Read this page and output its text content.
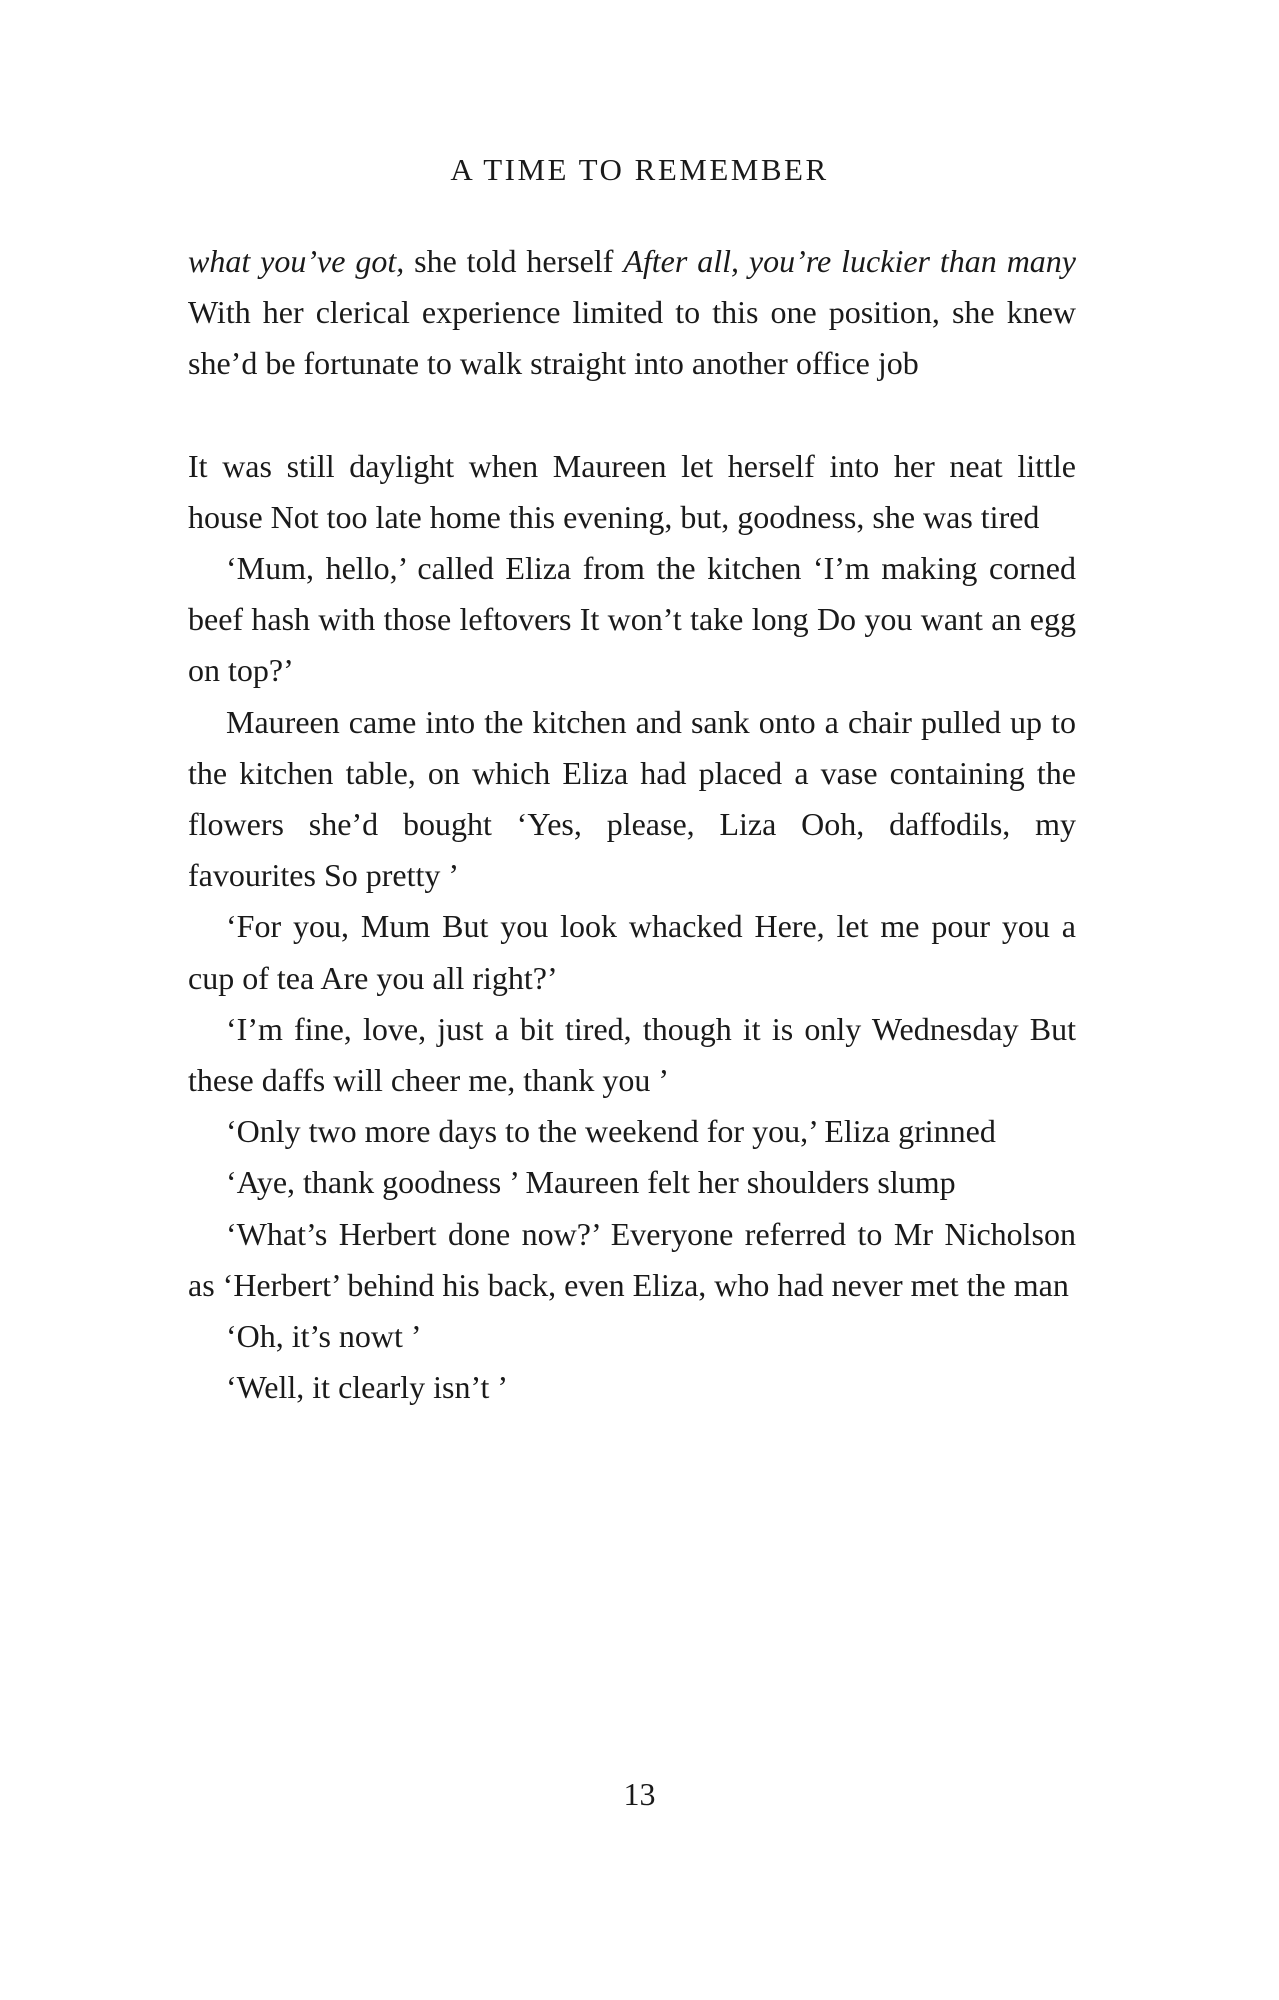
A TIME TO REMEMBER

what you’ve got, she told herself After all, you’re luckier than many With her clerical experience limited to this one position, she knew she’d be fortunate to walk straight into another office job

It was still daylight when Maureen let herself into her neat little house Not too late home this evening, but, goodness, she was tired

‘Mum, hello,’ called Eliza from the kitchen ‘I’m making corned beef hash with those leftovers It won’t take long Do you want an egg on top?’

Maureen came into the kitchen and sank onto a chair pulled up to the kitchen table, on which Eliza had placed a vase containing the flowers she’d bought ‘Yes, please, Liza Ooh, daffodils, my favourites So pretty ’

‘For you, Mum But you look whacked Here, let me pour you a cup of tea Are you all right?’

‘I’m fine, love, just a bit tired, though it is only Wednesday But these daffs will cheer me, thank you ’

‘Only two more days to the weekend for you,’ Eliza grinned

‘Aye, thank goodness ’ Maureen felt her shoulders slump

‘What’s Herbert done now?’ Everyone referred to Mr Nicholson as ‘Herbert’ behind his back, even Eliza, who had never met the man

‘Oh, it’s nowt ’

‘Well, it clearly isn’t ’

13
